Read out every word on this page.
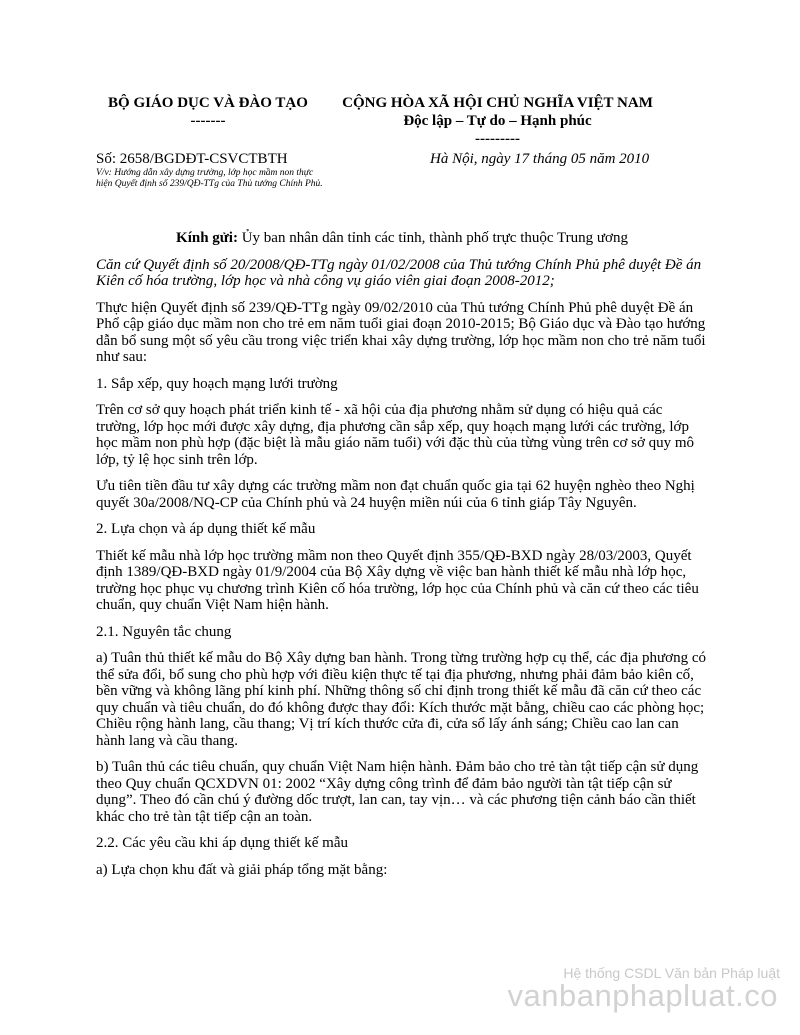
BỘ GIÁO DỤC VÀ ĐÀO TẠO
-------
CỘNG HÒA XÃ HỘI CHỦ NGHĨA VIỆT NAM
Độc lập – Tự do – Hạnh phúc
---------
Số: 2658/BGDĐT-CSVCTBTH	Hà Nội, ngày 17 tháng 05 năm 2010
V/v: Hướng dẫn xây dựng trường, lớp học mầm non thực hiện Quyết định số 239/QĐ-TTg của Thủ tướng Chính Phủ.

Kính gửi: Ủy ban nhân dân tỉnh các tỉnh, thành phố trực thuộc Trung ương

Căn cứ Quyết định số 20/2008/QĐ-TTg ngày 01/02/2008 của Thủ tướng Chính Phủ phê duyệt Đề án Kiên cố hóa trường, lớp học và nhà công vụ giáo viên giai đoạn 2008-2012;

Thực hiện Quyết định số 239/QĐ-TTg ngày 09/02/2010 của Thủ tướng Chính Phủ phê duyệt Đề án Phổ cập giáo dục mầm non cho trẻ em năm tuổi giai đoạn 2010-2015; Bộ Giáo dục và Đào tạo hướng dẫn bổ sung một số yêu cầu trong việc triển khai xây dựng trường, lớp học mầm non cho trẻ năm tuổi như sau:

1. Sắp xếp, quy hoạch mạng lưới trường

Trên cơ sở quy hoạch phát triển kinh tế - xã hội của địa phương nhằm sử dụng có hiệu quả các trường, lớp học mới được xây dựng, địa phương cần sắp xếp, quy hoạch mạng lưới các trường, lớp học mầm non phù hợp (đặc biệt là mẫu giáo năm tuổi) với đặc thù của từng vùng trên cơ sở quy mô lớp, tỷ lệ học sinh trên lớp.

Ưu tiên tiền đầu tư xây dựng các trường mầm non đạt chuẩn quốc gia tại 62 huyện nghèo theo Nghị quyết 30a/2008/NQ-CP của Chính phủ và 24 huyện miền núi của 6 tỉnh giáp Tây Nguyên.

2. Lựa chọn và áp dụng thiết kế mẫu

Thiết kế mẫu nhà lớp học trường mầm non theo Quyết định 355/QĐ-BXD ngày 28/03/2003, Quyết định 1389/QĐ-BXD ngày 01/9/2004 của Bộ Xây dựng về việc ban hành thiết kế mẫu nhà lớp học, trường học phục vụ chương trình Kiên cố hóa trường, lớp học của Chính phủ và căn cứ theo các tiêu chuẩn, quy chuẩn Việt Nam hiện hành.

2.1. Nguyên tắc chung

a) Tuân thủ thiết kế mẫu do Bộ Xây dựng ban hành. Trong từng trường hợp cụ thể, các địa phương có thể sửa đổi, bổ sung cho phù hợp với điều kiện thực tế tại địa phương, nhưng phải đảm bảo kiên cố, bền vững và không lãng phí kinh phí. Những thông số chỉ định trong thiết kế mẫu đã căn cứ theo các quy chuẩn và tiêu chuẩn, do đó không được thay đổi: Kích thước mặt bằng, chiều cao các phòng học; Chiều rộng hành lang, cầu thang; Vị trí kích thước cửa đi, cửa sổ lấy ánh sáng; Chiều cao lan can hành lang và cầu thang.

b) Tuân thủ các tiêu chuẩn, quy chuẩn Việt Nam hiện hành. Đảm bảo cho trẻ tàn tật tiếp cận sử dụng theo Quy chuẩn QCXDVN 01: 2002 “Xây dựng công trình để đảm bảo người tàn tật tiếp cận sử dụng”. Theo đó cần chú ý đường dốc trượt, lan can, tay vịn… và các phương tiện cảnh báo cần thiết khác cho trẻ tàn tật tiếp cận an toàn.

2.2. Các yêu cầu khi áp dụng thiết kế mẫu

a) Lựa chọn khu đất và giải pháp tổng mặt bằng:

Hệ thống CSDL Văn bản Pháp luật
vanbanphapluat.co
